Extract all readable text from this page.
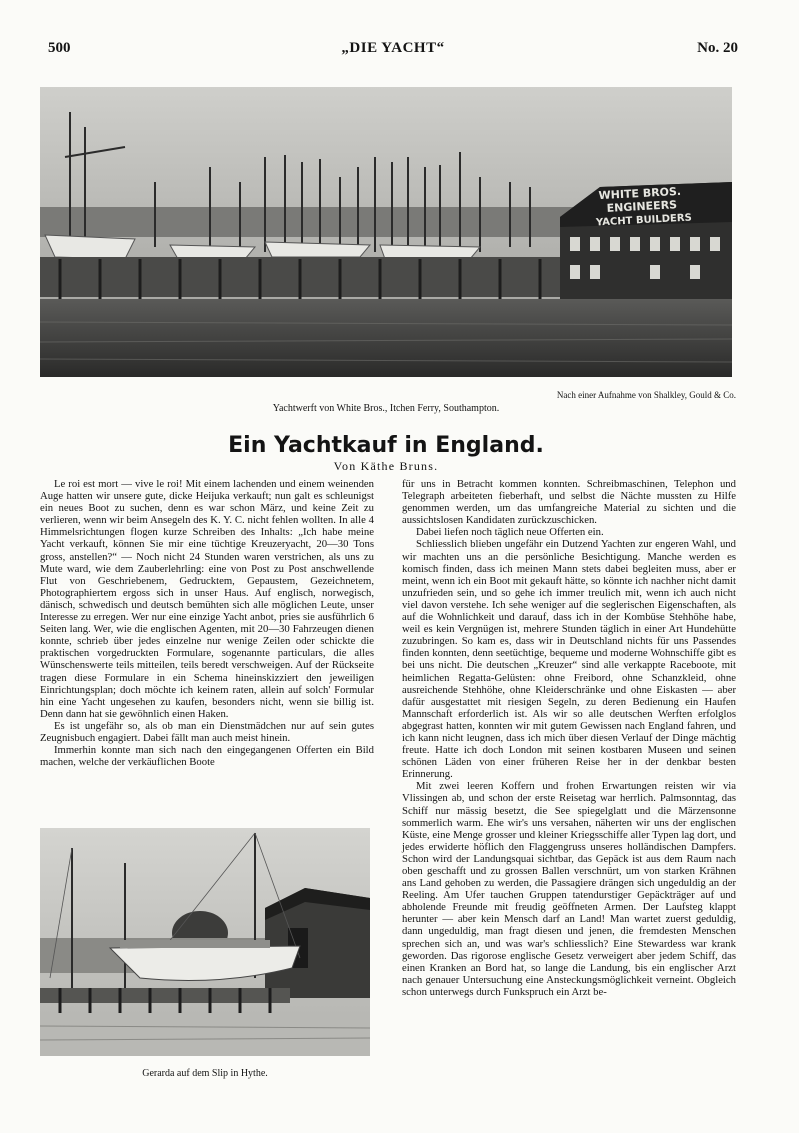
500	„DIE YACHT“	No. 20
WHITE BROS.
ENGINEERS
YACHT BUILDERS
Nach einer Aufnahme von Shalkley, Gould & Co.
Yachtwerft von White Bros., Itchen Ferry, Southampton.
Ein Yachtkauf in England.
Von Käthe Bruns.

Le roi est mort — vive le roi! Mit einem lachenden und einem weinenden Auge hatten wir unsere gute, dicke Heijuka verkauft; nun galt es schleunigst ein neues Boot zu suchen, denn es war schon März, und keine Zeit zu verlieren, wenn wir beim Ansegeln des K. Y. C. nicht fehlen wollten. In alle 4 Himmelsrichtungen flogen kurze Schreiben des Inhalts: „Ich habe meine Yacht verkauft, können Sie mir eine tüchtige Kreuzeryacht, 20—30 Tons gross, anstellen?“ — Noch nicht 24 Stunden waren verstrichen, als uns zu Mute ward, wie dem Zauberlehrling: eine von Post zu Post anschwellende Flut von Geschriebenem, Gedrucktem, Gepaustem, Gezeichnetem, Photographiertem ergoss sich in unser Haus. Auf englisch, norwegisch, dänisch, schwedisch und deutsch bemühten sich alle möglichen Leute, unser Interesse zu erregen. Wer nur eine einzige Yacht anbot, pries sie ausführlich 6 Seiten lang. Wer, wie die englischen Agenten, mit 20—30 Fahrzeugen dienen konnte, schrieb über jedes einzelne nur wenige Zeilen oder schickte die praktischen vorgedruckten Formulare, sogenannte particulars, die alles Wünschenswerte teils mitteilen, teils beredt verschweigen. Auf der Rückseite tragen diese Formulare in ein Schema hineinskizziert den jeweiligen Einrichtungsplan; doch möchte ich keinem raten, allein auf solch' Formular hin eine Yacht ungesehen zu kaufen, besonders nicht, wenn sie billig ist. Denn dann hat sie gewöhnlich einen Haken.

Es ist ungefähr so, als ob man ein Dienstmädchen nur auf sein gutes Zeugnisbuch engagiert. Dabei fällt man auch meist hinein.

Immerhin konnte man sich nach den eingegangenen Offerten ein Bild machen, welche der verkäuflichen Boote

für uns in Betracht kommen konnten. Schreibmaschinen, Telephon und Telegraph arbeiteten fieberhaft, und selbst die Nächte mussten zu Hilfe genommen werden, um das umfangreiche Material zu sichten und die aussichtslosen Kandidaten zurückzuschicken.

Dabei liefen noch täglich neue Offerten ein.

Schliesslich blieben ungefähr ein Dutzend Yachten zur engeren Wahl, und wir machten uns an die persönliche Besichtigung. Manche werden es komisch finden, dass ich meinen Mann stets dabei begleiten muss, aber er meint, wenn ich ein Boot mit gekauft hätte, so könnte ich nachher nicht damit unzufrieden sein, und so gehe ich immer treulich mit, wenn ich auch nicht viel davon verstehe. Ich sehe weniger auf die seglerischen Eigenschaften, als auf die Wohnlichkeit und darauf, dass ich in der Kombüse Stehhöhe habe, weil es kein Vergnügen ist, mehrere Stunden täglich in einer Art Hundehütte zuzubringen. So kam es, dass wir in Deutschland nichts für uns Passendes finden konnten, denn seetüchtige, bequeme und moderne Wohnschiffe gibt es bei uns nicht. Die deutschen „Kreuzer“ sind alle verkappte Raceboote, mit heimlichen Regatta-Gelüsten: ohne Freibord, ohne Schanzkleid, ohne ausreichende Stehhöhe, ohne Kleiderschränke und ohne Eiskasten — aber dafür ausgestattet mit riesigen Segeln, zu deren Bedienung ein Haufen Mannschaft erforderlich ist. Als wir so alle deutschen Werften erfolglos abgegrast hatten, konnten wir mit gutem Gewissen nach England fahren, und ich kann nicht leugnen, dass ich mich über diesen Verlauf der Dinge mächtig freute. Hatte ich doch London mit seinen kostbaren Museen und seinen schönen Läden von einer früheren Reise her in der denkbar besten Erinnerung.

Mit zwei leeren Koffern und frohen Erwartungen reisten wir via Vlissingen ab, und schon der erste Reisetag war herrlich. Palmsonntag, das Schiff nur mässig besetzt, die See spiegelglatt und die Märzensonne sommerlich warm. Ehe wir's uns versahen, näherten wir uns der englischen Küste, eine Menge grosser und kleiner Kriegsschiffe aller Typen lag dort, und jedes erwiderte höflich den Flaggengruss unseres holländischen Dampfers. Schon wird der Landungsquai sichtbar, das Gepäck ist aus dem Raum nach oben geschafft und zu grossen Ballen verschnürt, um von starken Krähnen ans Land gehoben zu werden, die Passagiere drängen sich ungeduldig an der Reeling. Am Ufer tauchen Gruppen tatendurstiger Gepäckträger auf und abholende Freunde mit freudig geöffneten Armen. Der Laufsteg klappt herunter — aber kein Mensch darf an Land! Man wartet zuerst geduldig, dann ungeduldig, man fragt diesen und jenen, die fremdesten Menschen sprechen sich an, und was war's schliesslich? Eine Stewardess war krank geworden. Das rigorose englische Gesetz verweigert aber jedem Schiff, das einen Kranken an Bord hat, so lange die Landung, bis ein englischer Arzt nach genauer Untersuchung eine Ansteckungsmöglichkeit verneint. Obgleich schon unterwegs durch Funkspruch ein Arzt be-

Gerarda auf dem Slip in Hythe.
